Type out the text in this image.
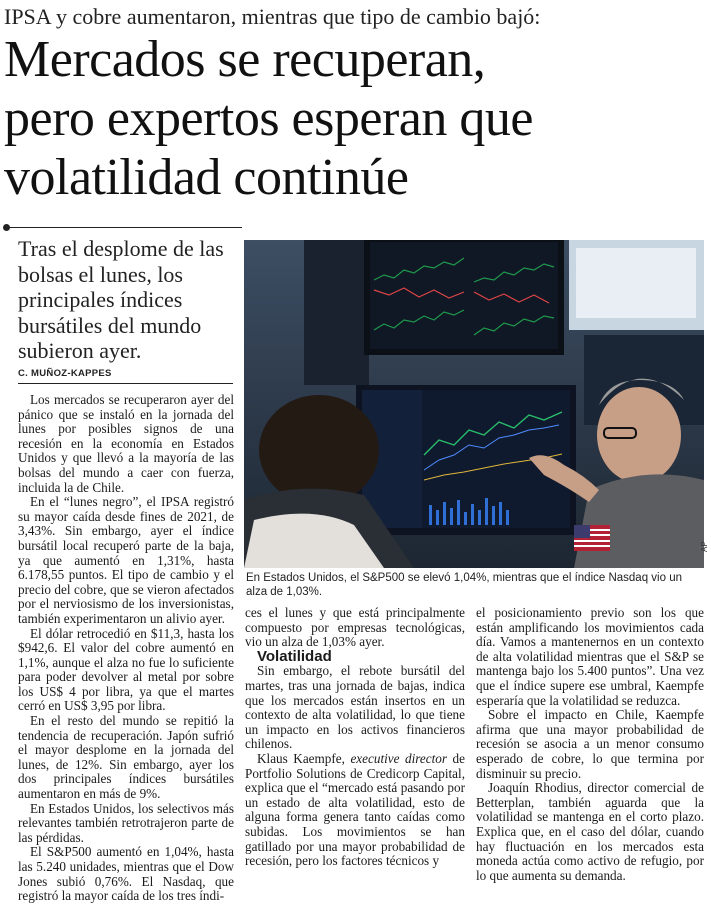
IPSA y cobre aumentaron, mientras que tipo de cambio bajó:
Mercados se recuperan,
pero expertos esperan que
volatilidad continúe
Tras el desplome de las bolsas el lunes, los principales índices bursátiles del mundo subieron ayer.
C. MUÑOZ-KAPPES

Los mercados se recuperaron ayer del pánico que se instaló en la jornada del lunes por posibles signos de una recesión en la economía en Estados Unidos y que llevó a la mayoría de las bolsas del mundo a caer con fuerza, incluida la de Chile.

En el “lunes negro”, el IPSA registró su mayor caída desde fines de 2021, de 3,43%. Sin embargo, ayer el índice bursátil local recuperó parte de la baja, ya que aumentó en 1,31%, hasta 6.178,55 puntos. El tipo de cambio y el precio del cobre, que se vieron afectados por el nerviosismo de los inversionistas, también experimentaron un alivio ayer.

El dólar retrocedió en $11,3, hasta los $942,6. El valor del cobre aumentó en 1,1%, aunque el alza no fue lo suficiente para poder devolver al metal por sobre los US$ 4 por libra, ya que el martes cerró en US$ 3,95 por libra.

En el resto del mundo se repitió la tendencia de recuperación. Japón sufrió el mayor desplome en la jornada del lunes, de 12%. Sin embargo, ayer los dos principales índices bursátiles aumentaron en más de 9%.

En Estados Unidos, los selectivos más relevantes también retrotrajeron parte de las pérdidas.

El S&P500 aumentó en 1,04%, hasta las 5.240 unidades, mientras que el Dow Jones subió 0,76%. El Nasdaq, que registró la mayor caída de los tres índi-

AP
En Estados Unidos, el S&P500 se elevó 1,04%, mientras que el índice Nasdaq vio un alza de 1,03%.

ces el lunes y que está principalmente compuesto por empresas tecnológicas, vio un alza de 1,03% ayer.

Volatilidad

Sin embargo, el rebote bursátil del martes, tras una jornada de bajas, indica que los mercados están insertos en un contexto de alta volatilidad, lo que tiene un impacto en los activos financieros chilenos.

Klaus Kaempfe, executive director de Portfolio Solutions de Credicorp Capital, explica que el “mercado está pasando por un estado de alta volatilidad, esto de alguna forma genera tanto caídas como subidas. Los movimientos se han gatillado por una mayor probabilidad de recesión, pero los factores técnicos y

el posicionamiento previo son los que están amplificando los movimientos cada día. Vamos a mantenernos en un contexto de alta volatilidad mientras que el S&P se mantenga bajo los 5.400 puntos”. Una vez que el índice supere ese umbral, Kaempfe esperaría que la volatilidad se reduzca.

Sobre el impacto en Chile, Kaempfe afirma que una mayor probabilidad de recesión se asocia a un menor consumo esperado de cobre, lo que termina por disminuir su precio.

Joaquín Rhodius, director comercial de Betterplan, también aguarda que la volatilidad se mantenga en el corto plazo. Explica que, en el caso del dólar, cuando hay fluctuación en los mercados esta moneda actúa como activo de refugio, por lo que aumenta su demanda.
